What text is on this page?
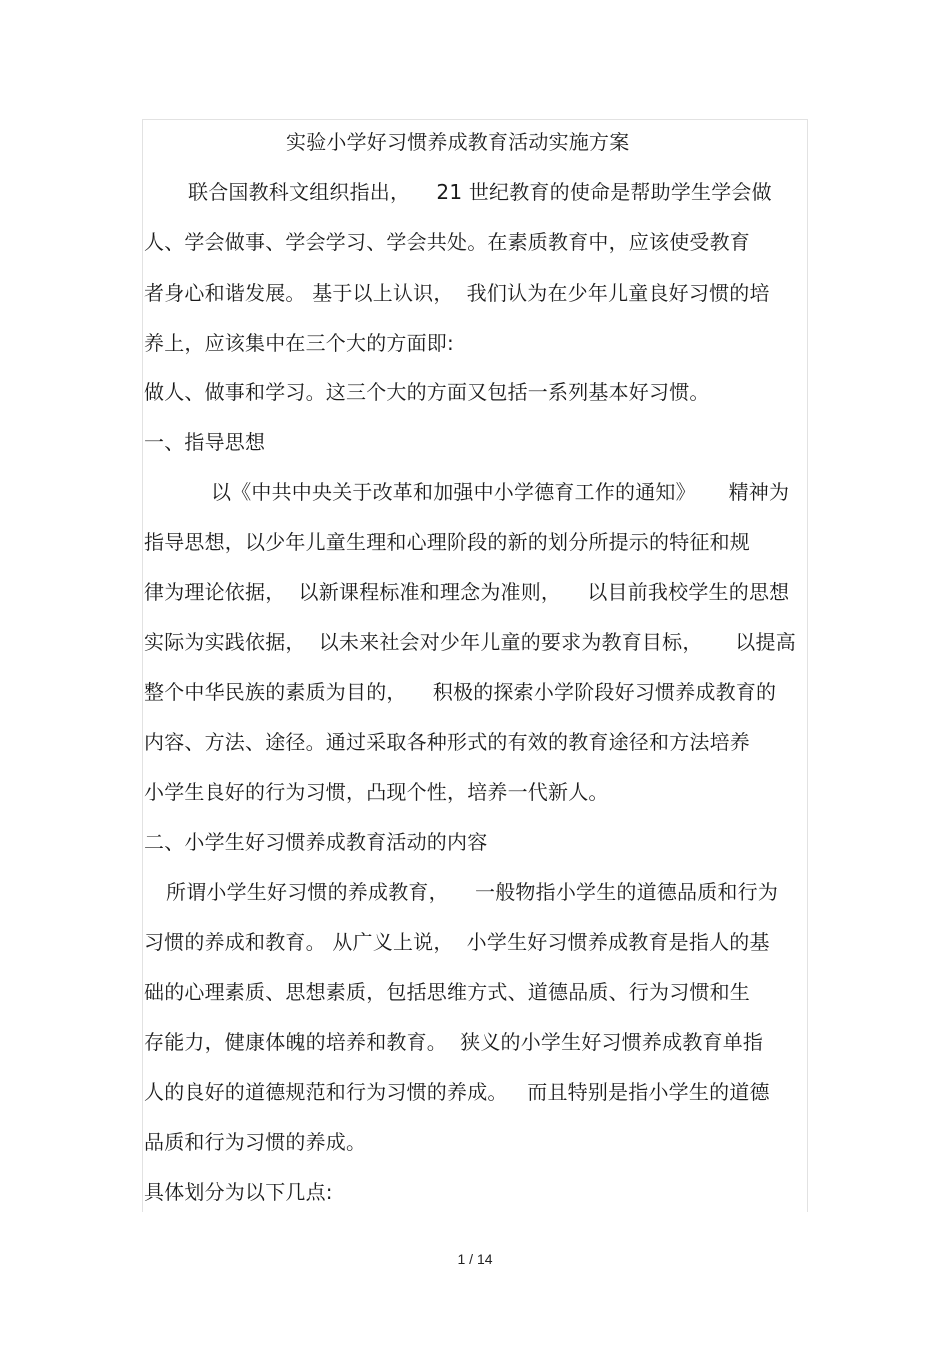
实验小学好习惯养成教育活动实施方案
联合国教科文组织指出，    21 世纪教育的使命是帮助学生学会做
人、学会做事、学会学习、学会共处。在素质教育中，应该使受教育
者身心和谐发展。 基于以上认识，  我们认为在少年儿童良好习惯的培
养上，应该集中在三个大的方面即:
做人、做事和学习。这三个大的方面又包括一系列基本好习惯。
一、指导思想
以《中共中央关于改革和加强中小学德育工作的通知》     精神为
指导思想，以少年儿童生理和心理阶段的新的划分所提示的特征和规
律为理论依据，  以新课程标准和理念为准则，    以目前我校学生的思想
实际为实践依据，  以未来社会对少年儿童的要求为教育目标，     以提高
整个中华民族的素质为目的，    积极的探索小学阶段好习惯养成教育的
内容、方法、途径。通过采取各种形式的有效的教育途径和方法培养
小学生良好的行为习惯，凸现个性，培养一代新人。
二、小学生好习惯养成教育活动的内容
所谓小学生好习惯的养成教育，    一般物指小学生的道德品质和行为
习惯的养成和教育。 从广义上说，  小学生好习惯养成教育是指人的基
础的心理素质、思想素质，包括思维方式、道德品质、行为习惯和生
存能力，健康体魄的培养和教育。  狭义的小学生好习惯养成教育单指
人的良好的道德规范和行为习惯的养成。   而且特别是指小学生的道德
品质和行为习惯的养成。
具体划分为以下几点:
1 / 14
